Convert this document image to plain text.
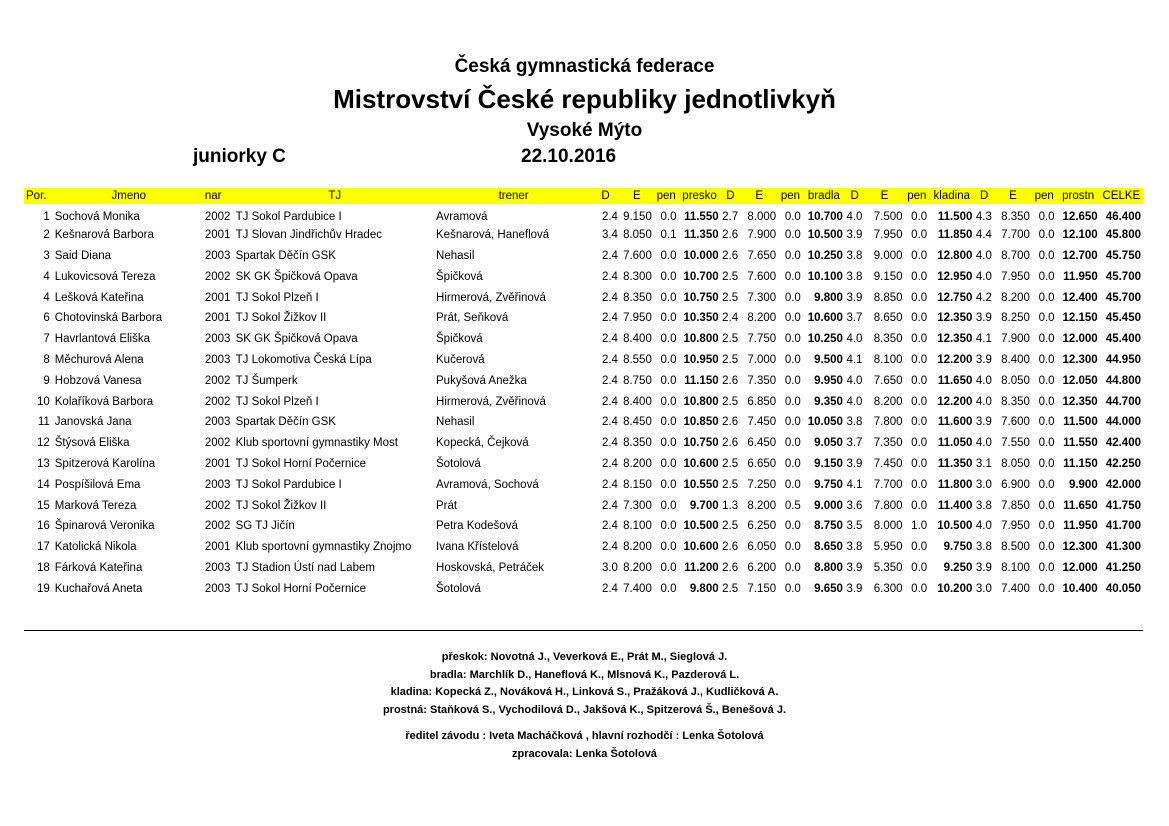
Česká gymnastická federace
Mistrovství České republiky jednotlivkyň
Vysoké Mýto
juniorky C	22.10.2016
Por.	Jmeno	nar	TJ	trener	D	E	pen	presko	D	E	pen	bradla	D	E	pen	kladina	D	E	pen	prostn	CELKE
1	Sochová Monika	2002	TJ Sokol Pardubice I	Avramová	2.4	9.150	0.0	11.550	2.7	8.000	0.0	10.700	4.0	7.500	0.0	11.500	4.3	8.350	0.0	12.650	46.400
2	Kešnarová Barbora	2001	TJ Slovan Jindřichův Hradec	Kešnarová, Haneflová	3.4	8.050	0.1	11.350	2.6	7.900	0.0	10.500	3.9	7.950	0.0	11.850	4.4	7.700	0.0	12.100	45.800
3	Said Diana	2003	Spartak Děčín GSK	Nehasil	2.4	7.600	0.0	10.000	2.6	7.650	0.0	10.250	3.8	9.000	0.0	12.800	4.0	8.700	0.0	12.700	45.750
4	Lukovicsová Tereza	2002	SK GK Špičková Opava	Špičková	2.4	8.300	0.0	10.700	2.5	7.600	0.0	10.100	3.8	9.150	0.0	12.950	4.0	7.950	0.0	11.950	45.700
4	Lešková Kateřina	2001	TJ Sokol Plzeň I	Hirmerová, Zvěřinová	2.4	8.350	0.0	10.750	2.5	7.300	0.0	9.800	3.9	8.850	0.0	12.750	4.2	8.200	0.0	12.400	45.700
6	Chotovinská Barbora	2001	TJ Sokol Žižkov II	Prát, Seňková	2.4	7.950	0.0	10.350	2.4	8.200	0.0	10.600	3.7	8.650	0.0	12.350	3.9	8.250	0.0	12.150	45.450
7	Havrlantová Eliška	2003	SK GK Špičková Opava	Špičková	2.4	8.400	0.0	10.800	2.5	7.750	0.0	10.250	4.0	8.350	0.0	12.350	4.1	7.900	0.0	12.000	45.400
8	Měchurová Alena	2003	TJ Lokomotiva Česká Lípa	Kučerová	2.4	8.550	0.0	10.950	2.5	7.000	0.0	9.500	4.1	8.100	0.0	12.200	3.9	8.400	0.0	12.300	44.950
9	Hobzová Vanesa	2002	TJ Šumperk	Pukyšová Anežka	2.4	8.750	0.0	11.150	2.6	7.350	0.0	9.950	4.0	7.650	0.0	11.650	4.0	8.050	0.0	12.050	44.800
10	Kolaříková Barbora	2002	TJ Sokol Plzeň I	Hirmerová, Zvěřinová	2.4	8.400	0.0	10.800	2.5	6.850	0.0	9.350	4.0	8.200	0.0	12.200	4.0	8.350	0.0	12.350	44.700
11	Janovská Jana	2003	Spartak Děčín GSK	Nehasil	2.4	8.450	0.0	10.850	2.6	7.450	0.0	10.050	3.8	7.800	0.0	11.600	3.9	7.600	0.0	11.500	44.000
12	Štýsová Eliška	2002	Klub sportovní gymnastiky Most	Kopecká, Čejková	2.4	8.350	0.0	10.750	2.6	6.450	0.0	9.050	3.7	7.350	0.0	11.050	4.0	7.550	0.0	11.550	42.400
13	Spitzerová Karolína	2001	TJ Sokol Horní Počernice	Šotolová	2.4	8.200	0.0	10.600	2.5	6.650	0.0	9.150	3.9	7.450	0.0	11.350	3.1	8.050	0.0	11.150	42.250
14	Pospíšilová Ema	2003	TJ Sokol Pardubice I	Avramová, Sochová	2.4	8.150	0.0	10.550	2.5	7.250	0.0	9.750	4.1	7.700	0.0	11.800	3.0	6.900	0.0	9.900	42.000
15	Marková Tereza	2002	TJ Sokol Žižkov II	Prát	2.4	7.300	0.0	9.700	1.3	8.200	0.5	9.000	3.6	7.800	0.0	11.400	3.8	7.850	0.0	11.650	41.750
16	Špinarová Veronika	2002	SG TJ Jičín	Petra Kodešová	2.4	8.100	0.0	10.500	2.5	6.250	0.0	8.750	3.5	8.000	1.0	10.500	4.0	7.950	0.0	11.950	41.700
17	Katolická Nikola	2001	Klub sportovní gymnastiky Znojmo	Ivana Křístelová	2.4	8.200	0.0	10.600	2.6	6.050	0.0	8.650	3.8	5.950	0.0	9.750	3.8	8.500	0.0	12.300	41.300
18	Fárková Kateřina	2003	TJ Stadion Ústí nad Labem	Hoskovská, Petráček	3.0	8.200	0.0	11.200	2.6	6.200	0.0	8.800	3.9	5.350	0.0	9.250	3.9	8.100	0.0	12.000	41.250
19	Kuchařová Aneta	2003	TJ Sokol Horní Počernice	Šotolová	2.4	7.400	0.0	9.800	2.5	7.150	0.0	9.650	3.9	6.300	0.0	10.200	3.0	7.400	0.0	10.400	40.050
přeskok: Novotná J., Veverková E., Prát M., Sieglová J.
bradla: Marchlík D., Haneflová K., Mlsnová K., Pazderová L.
kladina: Kopecká Z., Nováková H., Linková S., Pražáková J., Kudličková A.
prostná: Staňková S., Vychodilová D., Jakšová K., Spitzerová Š., Benešová J.
ředitel závodu : Iveta Macháčková , hlavní rozhodčí : Lenka Šotolová
zpracovala: Lenka Šotolová
